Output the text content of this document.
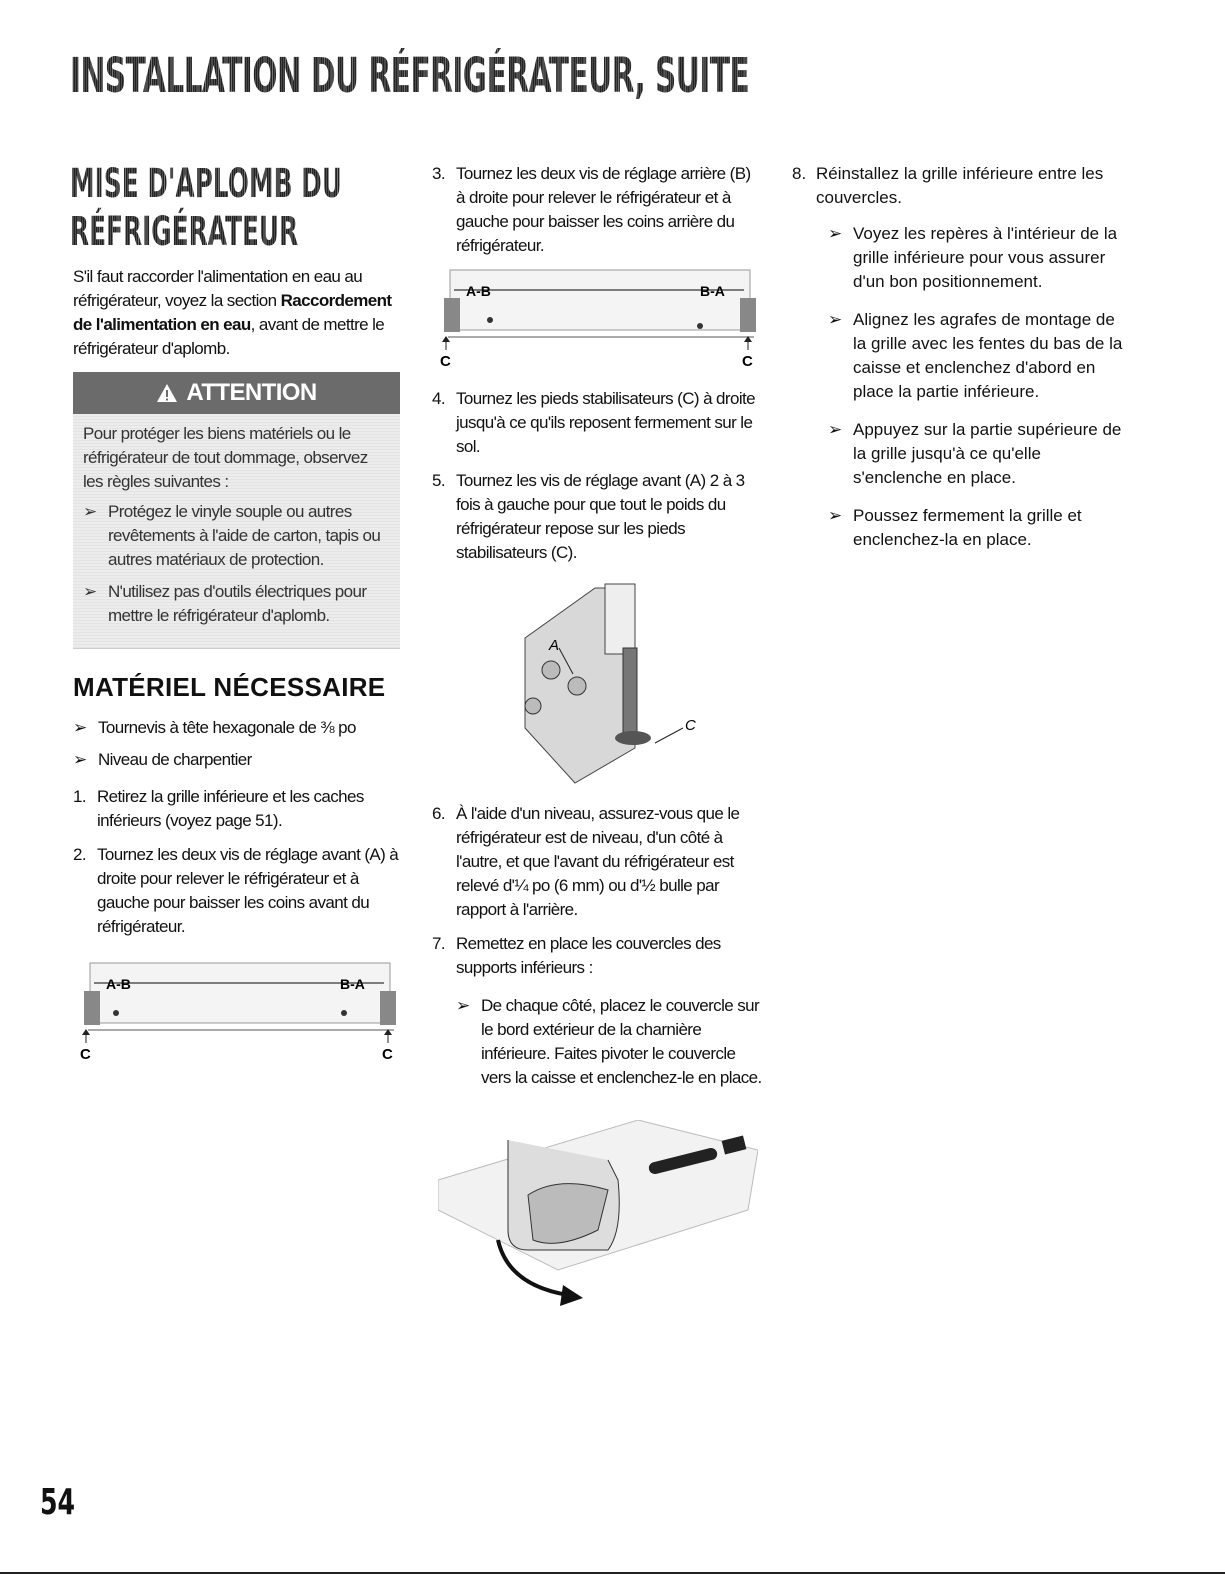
INSTALLATION DU RÉFRIGÉRATEUR, SUITE
MISE D'APLOMB DU RÉFRIGÉRATEUR
S'il faut raccorder l'alimentation en eau au réfrigérateur, voyez la section Raccordement de l'alimentation en eau, avant de mettre le réfrigérateur d'aplomb.
ATTENTION

Pour protéger les biens matériels ou le réfrigérateur de tout dommage, observez les règles suivantes :

➢ Protégez le vinyle souple ou autres revêtements à l'aide de carton, tapis ou autres matériaux de protection.
➢ N'utilisez pas d'outils électriques pour mettre le réfrigérateur d'aplomb.
MATÉRIEL NÉCESSAIRE
➢ Tournevis à tête hexagonale de ⅜ po
➢ Niveau de charpentier
1. Retirez la grille inférieure et les caches inférieurs (voyez page 51).
2. Tournez les deux vis de réglage avant (A) à droite pour relever le réfrigérateur et à gauche pour baisser les coins avant du réfrigérateur.
A-B	B-A
C	C
3. Tournez les deux vis de réglage arrière (B) à droite pour relever le réfrigérateur et à gauche pour baisser les coins arrière du réfrigérateur.
A-B	B-A
C	C
4. Tournez les pieds stabilisateurs (C) à droite jusqu'à ce qu'ils reposent fermement sur le sol.
5. Tournez les vis de réglage avant (A) 2 à 3 fois à gauche pour que tout le poids du réfrigérateur repose sur les pieds stabilisateurs (C).
A
C
6. À l'aide d'un niveau, assurez-vous que le réfrigérateur est de niveau, d'un côté à l'autre, et que l'avant du réfrigérateur est relevé d'¼ po (6 mm) ou d'½ bulle par rapport à l'arrière.
7. Remettez en place les couvercles des supports inférieurs :
➢ De chaque côté, placez le couvercle sur le bord extérieur de la charnière inférieure. Faites pivoter le couvercle vers la caisse et enclenchez-le en place.
8. Réinstallez la grille inférieure entre les couvercles.
➢ Voyez les repères à l'intérieur de la grille inférieure pour vous assurer d'un bon positionnement.
➢ Alignez les agrafes de montage de la grille avec les fentes du bas de la caisse et enclenchez d'abord en place la partie inférieure.
➢ Appuyez sur la partie supérieure de la grille jusqu'à ce qu'elle s'enclenche en place.
➢ Poussez fermement la grille et enclenchez-la en place.
54
